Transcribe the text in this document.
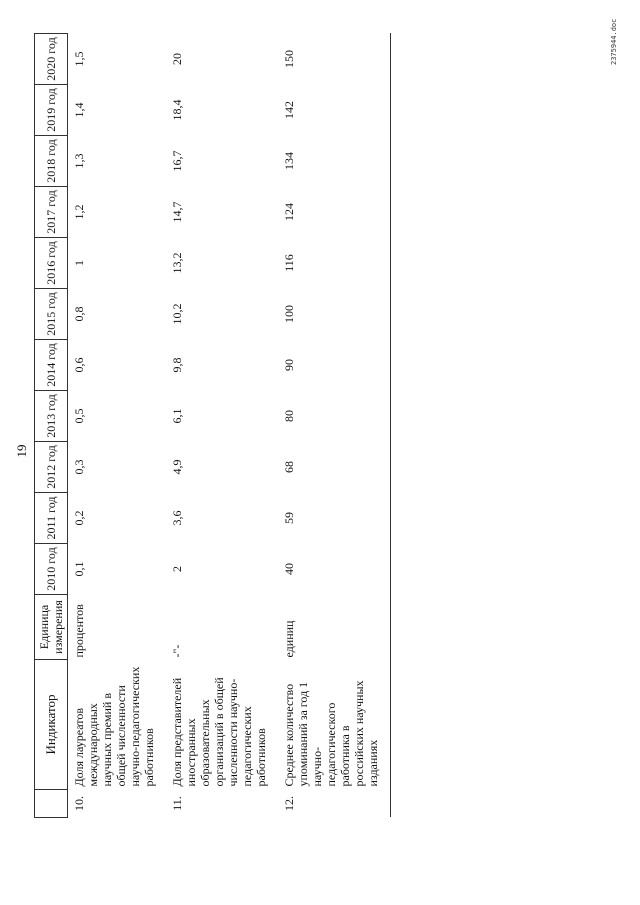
19
	Индикатор	Единица измерения	2010 год	2011 год	2012 год	2013 год	2014 год	2015 год	2016 год	2017 год	2018 год	2019 год	2020 год
10.	Доля лауреатов международных научных премий в общей численности научно-педагогических работников	процентов	0,1	0,2	0,3	0,5	0,6	0,8	1	1,2	1,3	1,4	1,5
11.	Доля представителей иностранных образовательных организаций в общей численности научно-педагогических работников	-"-	2	3,6	4,9	6,1	9,8	10,2	13,2	14,7	16,7	18,4	20
12.	Среднее количество упоминаний за год 1 научно-педагогического работника в российских научных изданиях	единиц	40	59	68	80	90	100	116	124	134	142	150	2375944.doc
